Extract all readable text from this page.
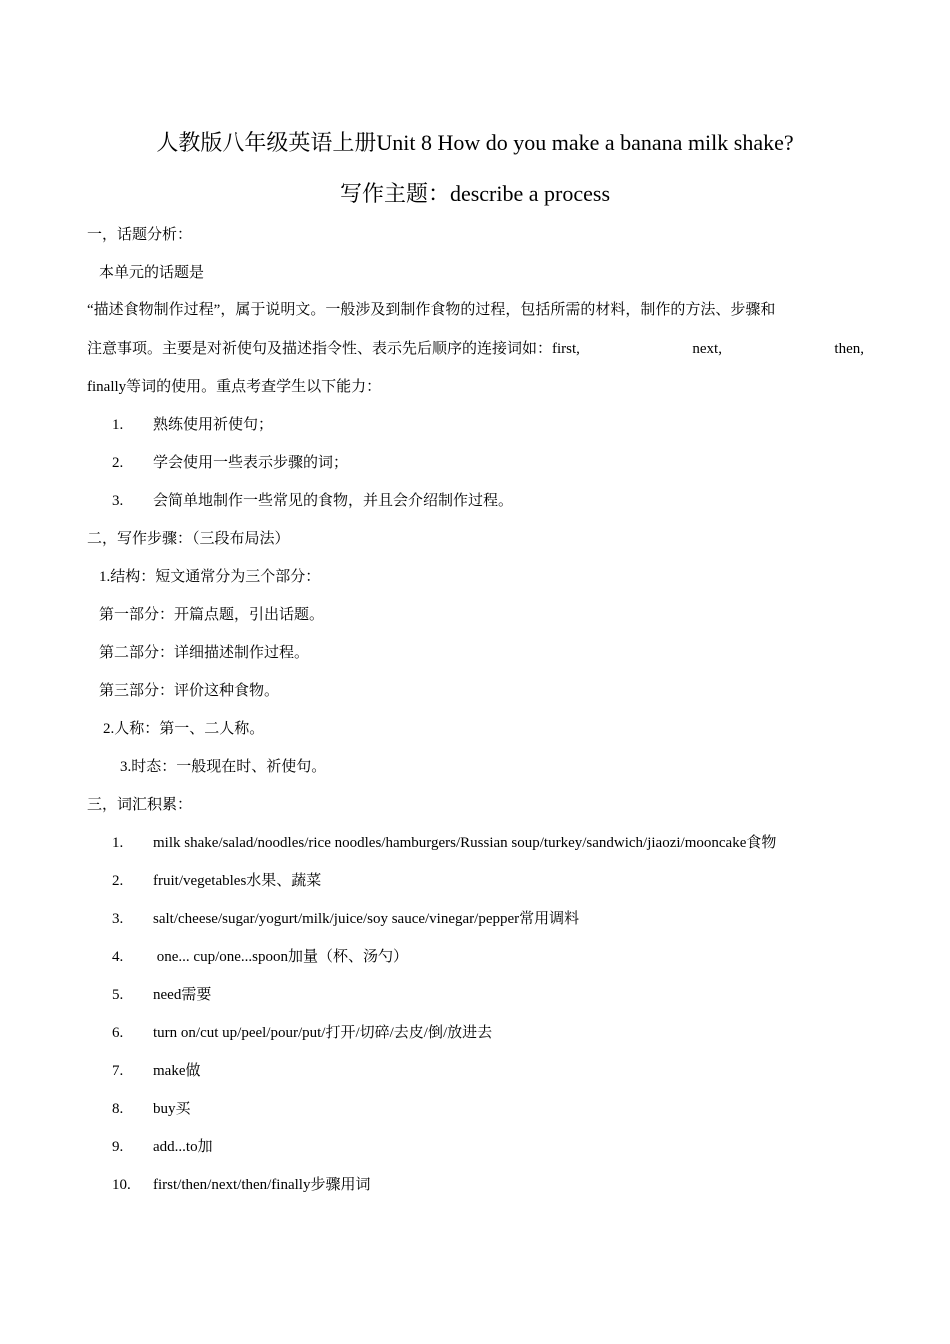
人教版八年级英语上册Unit 8 How do you make a banana milk shake?
写作主题：describe a process
一，话题分析：
本单元的话题是
“描述食物制作过程”，属于说明文。一般涉及到制作食物的过程，包括所需的材料，制作的方法、步骤和
注意事项。主要是对祈使句及描述指令性、表示先后顺序的连接词如：first,	next,	then,
finally等词的使用。重点考查学生以下能力：
1. 熟练使用祈使句；
2. 学会使用一些表示步骤的词；
3. 会简单地制作一些常见的食物，并且会介绍制作过程。
二，写作步骤：（三段布局法）
1.结构：短文通常分为三个部分：
第一部分：开篇点题，引出话题。
第二部分：详细描述制作过程。
第三部分：评价这种食物。
2.人称：第一、二人称。
3.时态：一般现在时、祈使句。
三，词汇积累：
1. milk shake/salad/noodles/rice noodles/hamburgers/Russian soup/turkey/sandwich/jiaozi/mooncake食物
2. fruit/vegetables水果、蔬菜
3. salt/cheese/sugar/yogurt/milk/juice/soy sauce/vinegar/pepper常用调料
4. one... cup/one...spoon加量（杯、汤勺）
5. need需要
6. turn on/cut up/peel/pour/put/打开/切碎/去皮/倒/放进去
7. make做
8. buy买
9. add...to加
10. first/then/next/then/finally步骤用词
